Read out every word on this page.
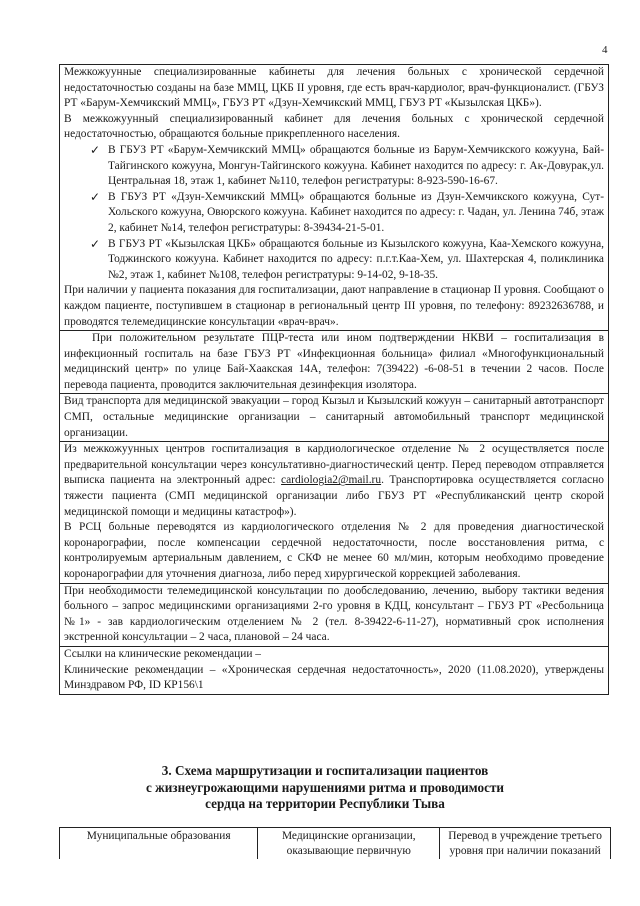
4

Межкожуунные специализированные кабинеты для лечения больных с хронической сердечной недостаточностью созданы на базе ММЦ, ЦКБ II уровня, где есть врач-кардиолог, врач-функционалист. (ГБУЗ РТ «Барум-Хемчикский ММЦ», ГБУЗ РТ «Дзун-Хемчикский ММЦ, ГБУЗ РТ «Кызылская ЦКБ»).

В межкожуунный специализированный кабинет для лечения больных с хронической сердечной недостаточностью, обращаются больные прикрепленного населения.

✓ В ГБУЗ РТ «Барум-Хемчикский ММЦ» обращаются больные из Барум-Хемчикского кожууна, Бай-Тайгинского кожууна, Монгун-Тайгинского кожууна. Кабинет находится по адресу: г. Ак-Довурак,ул. Центральная 18, этаж 1, кабинет №110, телефон регистратуры: 8-923-590-16-67.

✓ В ГБУЗ РТ «Дзун-Хемчикский ММЦ» обращаются больные из Дзун-Хемчикского кожууна, Сут-Хольского кожууна, Овюрского кожууна. Кабинет находится по адресу: г. Чадан, ул. Ленина 74б, этаж 2, кабинет №14, телефон регистратуры: 8-39434-21-5-01.

✓ В ГБУЗ РТ «Кызылская ЦКБ» обращаются больные из Кызылского кожууна, Каа-Хемского кожууна, Тоджинского кожууна. Кабинет находится по адресу: п.г.т.Каа-Хем, ул. Шахтерская 4, поликлиника №2, этаж 1, кабинет №108, телефон регистратуры: 9-14-02, 9-18-35.

При наличии у пациента показания для госпитализации, дают направление в стационар II уровня. Сообщают о каждом пациенте, поступившем в стационар в региональный центр III уровня, по телефону: 89232636788, и проводятся телемедицинские консультации «врач-врач».

При положительном результате ПЦР-теста или ином подтверждении НКВИ – госпитализация в инфекционный госпиталь на базе ГБУЗ РТ «Инфекционная больница» филиал «Многофункциональный медицинский центр» по улице Бай-Хаакская 14А, телефон: 7(39422) -6-08-51 в течении 2 часов. После перевода пациента, проводится заключительная дезинфекция изолятора.

Вид транспорта для медицинской эвакуации – город Кызыл и Кызылский кожуун – санитарный автотранспорт СМП, остальные медицинские организации – санитарный автомобильный транспорт медицинской организации.

Из межкожуунных центров госпитализация в кардиологическое отделение № 2 осуществляется после предварительной консультации через консультативно-диагностический центр. Перед переводом отправляется выписка пациента на электронный адрес: cardiologia2@mail.ru. Транспортировка осуществляется согласно тяжести пациента (СМП медицинской организации либо ГБУЗ РТ «Республиканский центр скорой медицинской помощи и медицины катастроф»).

В РСЦ больные переводятся из кардиологического отделения № 2 для проведения диагностической коронарографии, после компенсации сердечной недостаточности, после восстановления ритма, с контролируемым артериальным давлением, с СКФ не менее 60 мл/мин, которым необходимо проведение коронарографии для уточнения диагноза, либо перед хирургической коррекцией заболевания.

При необходимости телемедицинской консультации по дообследованию, лечению, выбору тактики ведения больного – запрос медицинскими организациями 2-го уровня в КДЦ, консультант – ГБУЗ РТ «Ресбольница №1» - зав кардиологическим отделением № 2 (тел. 8-39422-6-11-27), нормативный срок исполнения экстренной консультации – 2 часа, плановой – 24 часа.

Ссылки на клинические рекомендации –

Клинические рекомендации – «Хроническая сердечная недостаточность», 2020 (11.08.2020), утверждены Минздравом РФ, ID КР156\1

3. Схема маршрутизации и госпитализации пациентов
с жизнеугрожающими нарушениями ритма и проводимости
сердца на территории Республики Тыва
Муниципальные образования	Медицинские организации, оказывающие первичную	Перевод в учреждение третьего уровня при наличии показаний
